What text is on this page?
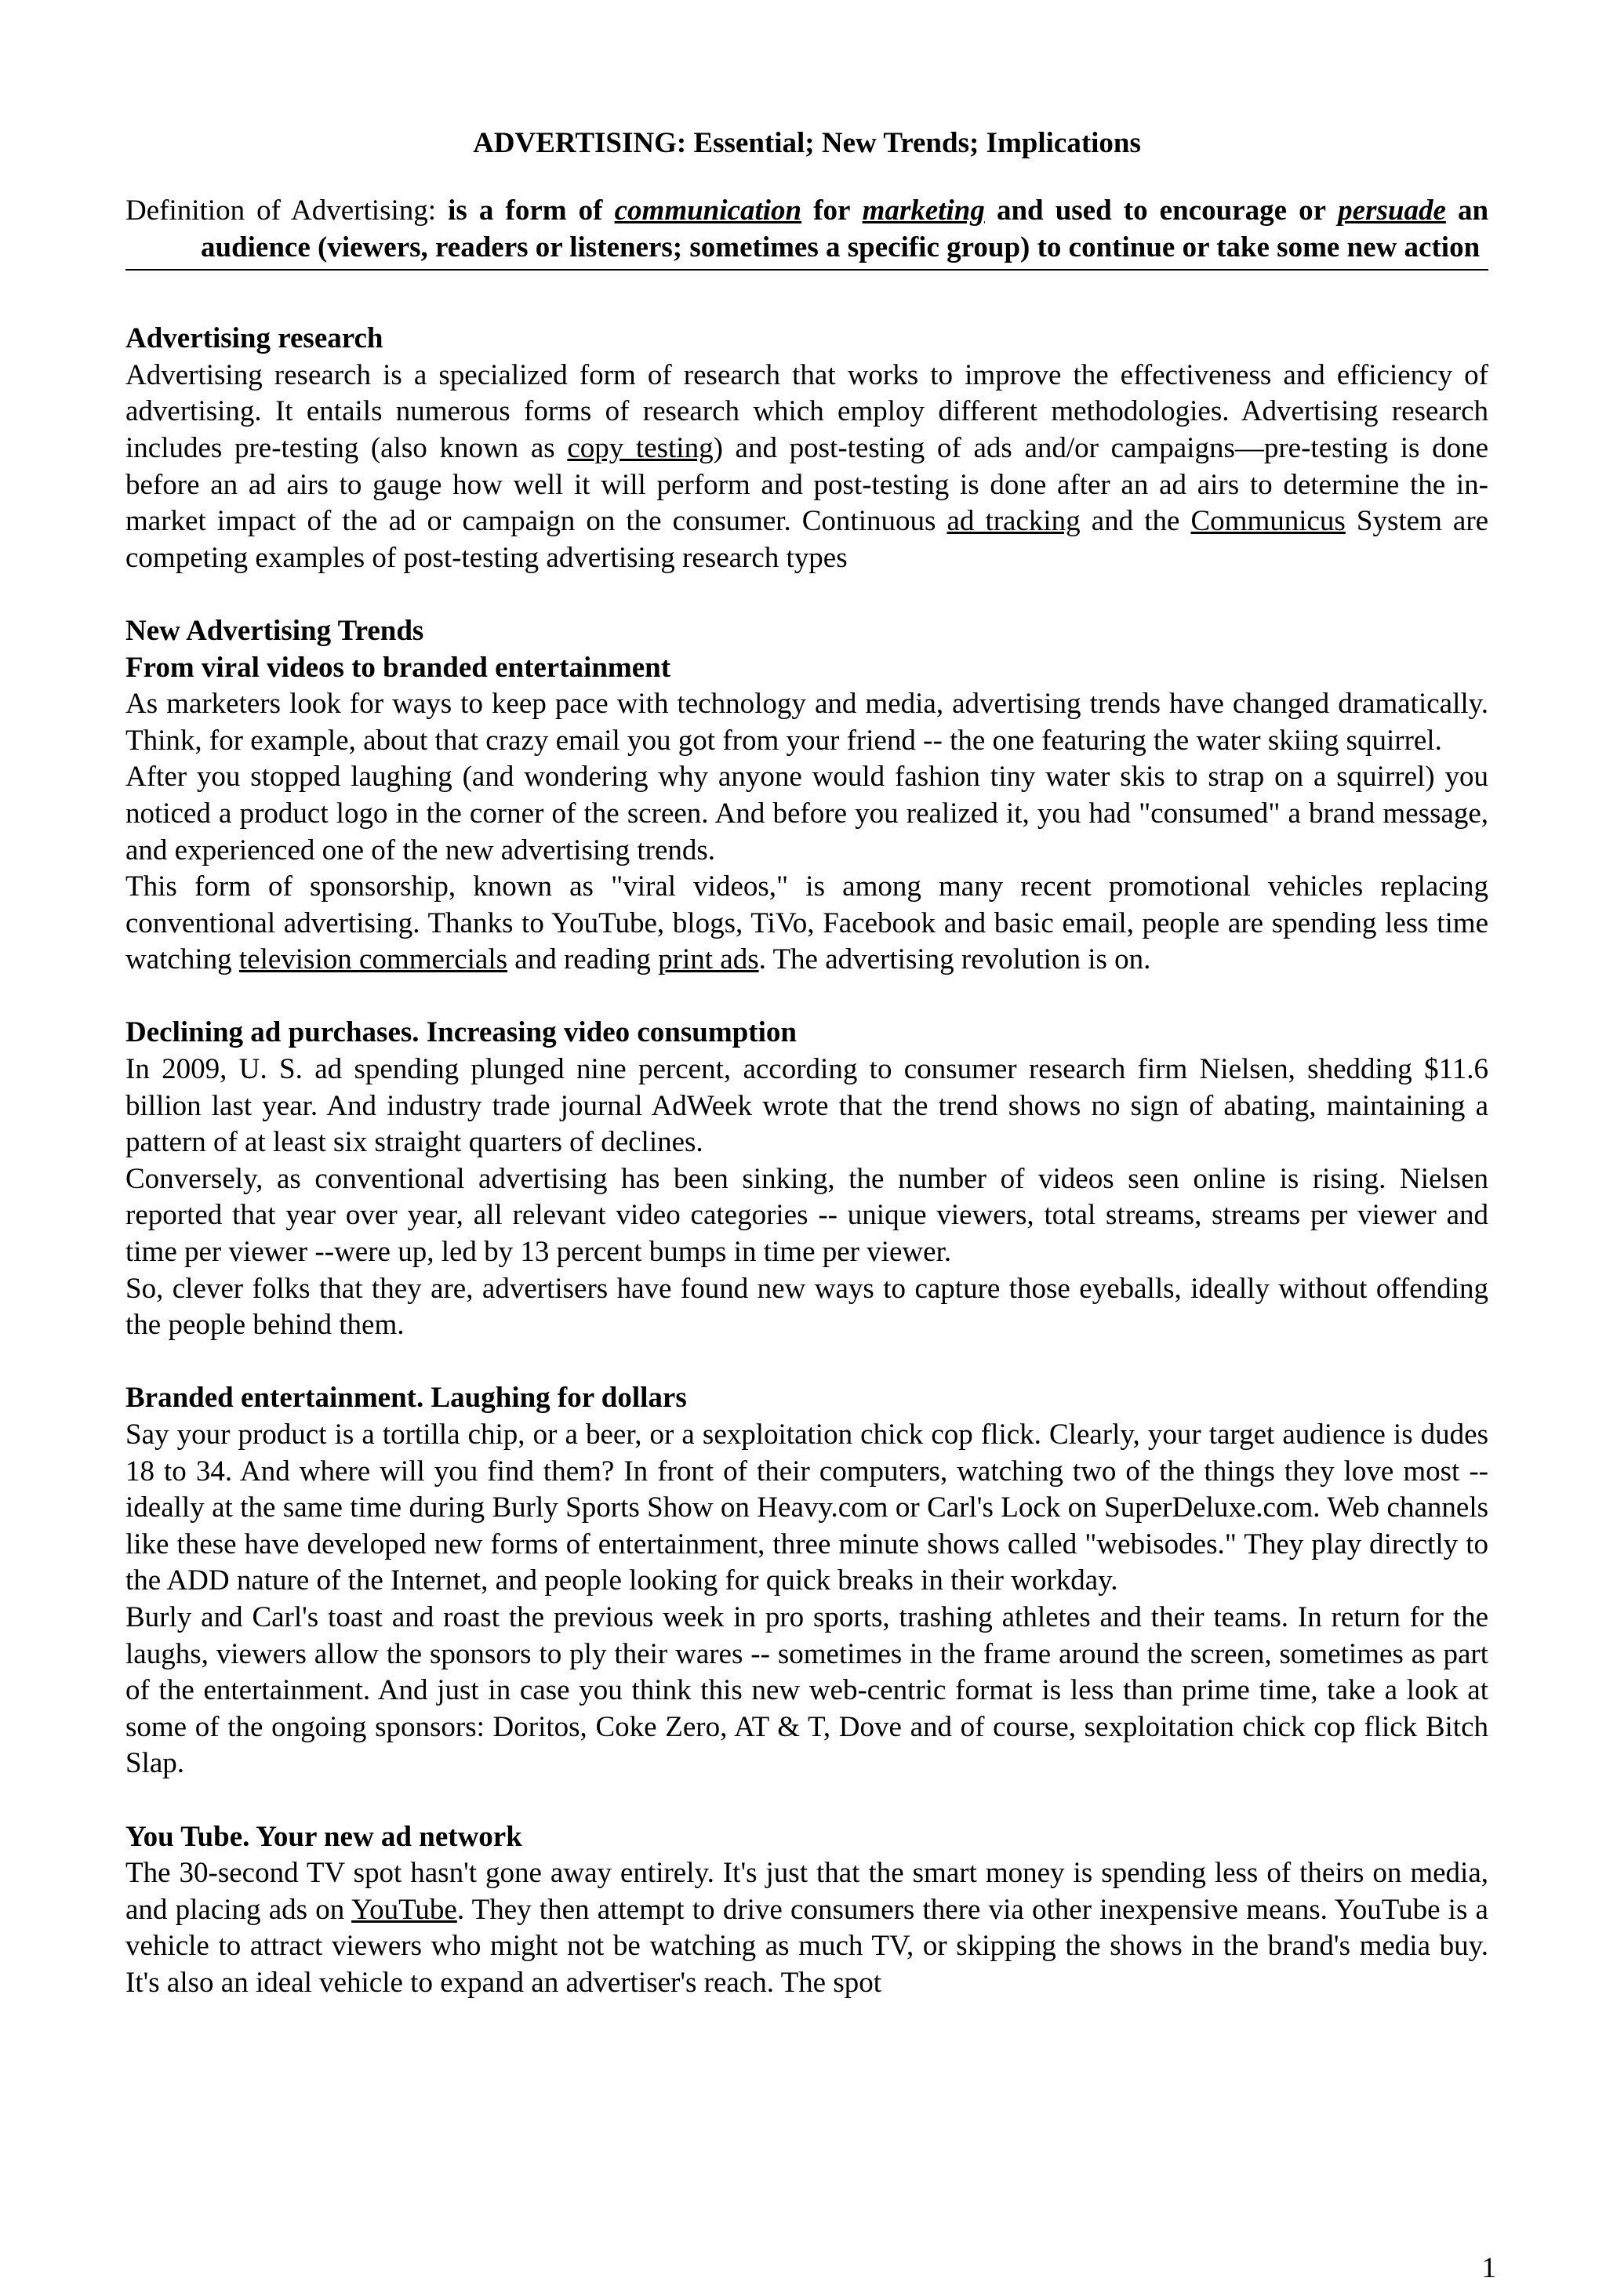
ADVERTISING: Essential; New Trends; Implications

Definition of Advertising: is a form of communication for marketing and used to encourage or persuade an audience (viewers, readers or listeners; sometimes a specific group) to continue or take some new action

Advertising research

Advertising research is a specialized form of research that works to improve the effectiveness and efficiency of advertising. It entails numerous forms of research which employ different methodologies. Advertising research includes pre-testing (also known as copy testing) and post-testing of ads and/or campaigns—pre-testing is done before an ad airs to gauge how well it will perform and post-testing is done after an ad airs to determine the in-market impact of the ad or campaign on the consumer. Continuous ad tracking and the Communicus System are competing examples of post-testing advertising research types

New Advertising Trends

From viral videos to branded entertainment

As marketers look for ways to keep pace with technology and media, advertising trends have changed dramatically. Think, for example, about that crazy email you got from your friend -- the one featuring the water skiing squirrel.

After you stopped laughing (and wondering why anyone would fashion tiny water skis to strap on a squirrel) you noticed a product logo in the corner of the screen. And before you realized it, you had "consumed" a brand message, and experienced one of the new advertising trends.

This form of sponsorship, known as "viral videos," is among many recent promotional vehicles replacing conventional advertising. Thanks to YouTube, blogs, TiVo, Facebook and basic email, people are spending less time watching television commercials and reading print ads. The advertising revolution is on.

Declining ad purchases. Increasing video consumption

In 2009, U. S. ad spending plunged nine percent, according to consumer research firm Nielsen, shedding $11.6 billion last year. And industry trade journal AdWeek wrote that the trend shows no sign of abating, maintaining a pattern of at least six straight quarters of declines.

Conversely, as conventional advertising has been sinking, the number of videos seen online is rising. Nielsen reported that year over year, all relevant video categories -- unique viewers, total streams, streams per viewer and time per viewer --were up, led by 13 percent bumps in time per viewer.

So, clever folks that they are, advertisers have found new ways to capture those eyeballs, ideally without offending the people behind them.

Branded entertainment. Laughing for dollars

Say your product is a tortilla chip, or a beer, or a sexploitation chick cop flick. Clearly, your target audience is dudes 18 to 34. And where will you find them? In front of their computers, watching two of the things they love most -- ideally at the same time during Burly Sports Show on Heavy.com or Carl's Lock on SuperDeluxe.com. Web channels like these have developed new forms of entertainment, three minute shows called "webisodes." They play directly to the ADD nature of the Internet, and people looking for quick breaks in their workday.

Burly and Carl's toast and roast the previous week in pro sports, trashing athletes and their teams. In return for the laughs, viewers allow the sponsors to ply their wares -- sometimes in the frame around the screen, sometimes as part of the entertainment. And just in case you think this new web-centric format is less than prime time, take a look at some of the ongoing sponsors: Doritos, Coke Zero, AT & T, Dove and of course, sexploitation chick cop flick Bitch Slap.

You Tube. Your new ad network

The 30-second TV spot hasn't gone away entirely. It's just that the smart money is spending less of theirs on media, and placing ads on YouTube. They then attempt to drive consumers there via other inexpensive means. YouTube is a vehicle to attract viewers who might not be watching as much TV, or skipping the shows in the brand's media buy. It's also an ideal vehicle to expand an advertiser's reach. The spot

1
